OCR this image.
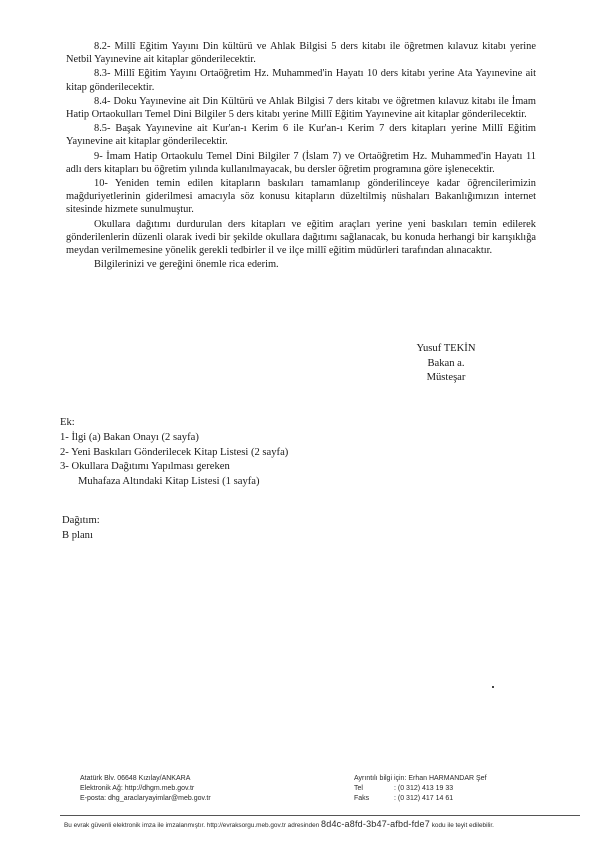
8.2- Millî Eğitim Yayını Din kültürü ve Ahlak Bilgisi 5 ders kitabı ile öğretmen kılavuz kitabı yerine Netbil Yayınevine ait kitaplar gönderilecektir.

8.3- Millî Eğitim Yayını Ortaöğretim Hz. Muhammed'in Hayatı 10 ders kitabı yerine Ata Yayınevine ait kitap gönderilecektir.

8.4- Doku Yayınevine ait Din Kültürü ve Ahlak Bilgisi 7 ders kitabı ve öğretmen kılavuz kitabı ile İmam Hatip Ortaokulları Temel Dini Bilgiler 5 ders kitabı yerine Millî Eğitim Yayınevine ait kitaplar gönderilecektir.

8.5- Başak Yayınevine ait Kur'an-ı Kerim 6 ile Kur'an-ı Kerim 7 ders kitapları yerine Millî Eğitim Yayınevine ait kitaplar gönderilecektir.

9- İmam Hatip Ortaokulu Temel Dini Bilgiler 7 (İslam 7) ve Ortaöğretim Hz. Muhammed'in Hayatı 11 adlı ders kitapları bu öğretim yılında kullanılmayacak, bu dersler öğretim programına göre işlenecektir.

10- Yeniden temin edilen kitapların baskıları tamamlanıp gönderilinceye kadar öğrencilerimizin mağduriyetlerinin giderilmesi amacıyla söz konusu kitapların düzeltilmiş nüshaları Bakanlığımızın internet sitesinde hizmete sunulmuştur.

Okullara dağıtımı durdurulan ders kitapları ve eğitim araçları yerine yeni baskıları temin edilerek gönderilenlerin düzenli olarak ivedi bir şekilde okullara dağıtımı sağlanacak, bu konuda herhangi bir karışıklığa meydan verilmemesine yönelik gerekli tedbirler il ve ilçe millî eğitim müdürleri tarafından alınacaktır.

Bilgilerinizi ve gereğini önemle rica ederim.

Yusuf TEKİN
Bakan a.
Müsteşar

Ek:

1- İlgi (a) Bakan Onayı (2 sayfa)

2- Yeni Baskıları Gönderilecek Kitap Listesi (2 sayfa)

3- Okullara Dağıtımı Yapılması gereken

Muhafaza Altındaki Kitap Listesi (1 sayfa)

Dağıtım:
B planı
Atatürk Blv. 06648 Kızılay/ANKARA
Elektronik Ağ: http://dhgm.meb.gov.tr
E-posta: dhg_araclaryayimlar@meb.gov.tr
Ayrıntılı bilgi için: Erhan HARMANDAR Şef
Tel	: (0 312) 413 19 33
Faks	: (0 312) 417 14 61
Bu evrak güvenli elektronik imza ile imzalanmıştır. http://evraksorgu.meb.gov.tr adresinden 8d4c-a8fd-3b47-afbd-fde7 kodu ile teyit edilebilir.
